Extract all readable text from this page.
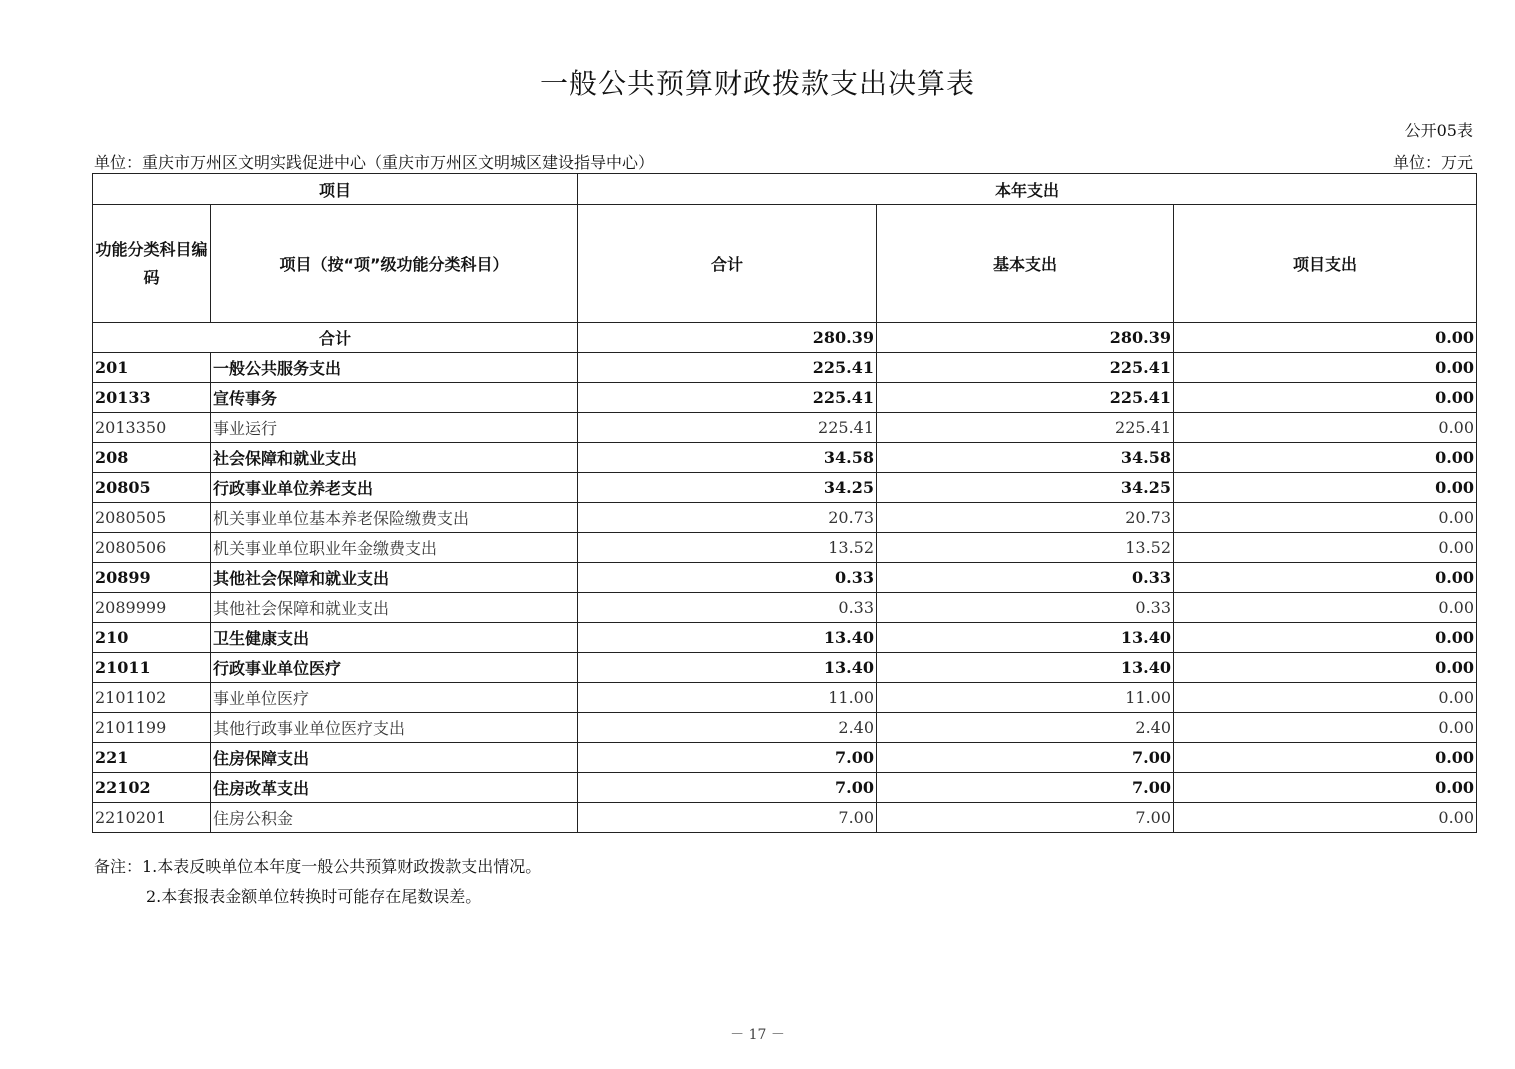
一般公共预算财政拨款支出决算表
公开05表
单位：重庆市万州区文明实践促进中心（重庆市万州区文明城区建设指导中心）	单位：万元
项目		本年支出		
功能分类科目编码	项目（按“项”级功能分类科目）	合计	基本支出	项目支出
合计		280.39	280.39	0.00
201	一般公共服务支出	225.41	225.41	0.00
20133	宣传事务	225.41	225.41	0.00
2013350	事业运行	225.41	225.41	0.00
208	社会保障和就业支出	34.58	34.58	0.00
20805	行政事业单位养老支出	34.25	34.25	0.00
2080505	机关事业单位基本养老保险缴费支出	20.73	20.73	0.00
2080506	机关事业单位职业年金缴费支出	13.52	13.52	0.00
20899	其他社会保障和就业支出	0.33	0.33	0.00
2089999	其他社会保障和就业支出	0.33	0.33	0.00
210	卫生健康支出	13.40	13.40	0.00
21011	行政事业单位医疗	13.40	13.40	0.00
2101102	事业单位医疗	11.00	11.00	0.00
2101199	其他行政事业单位医疗支出	2.40	2.40	0.00
221	住房保障支出	7.00	7.00	0.00
22102	住房改革支出	7.00	7.00	0.00
2210201	住房公积金	7.00	7.00	0.00
备注：1.本表反映单位本年度一般公共预算财政拨款支出情况。
2.本套报表金额单位转换时可能存在尾数误差。
－ 17 －
